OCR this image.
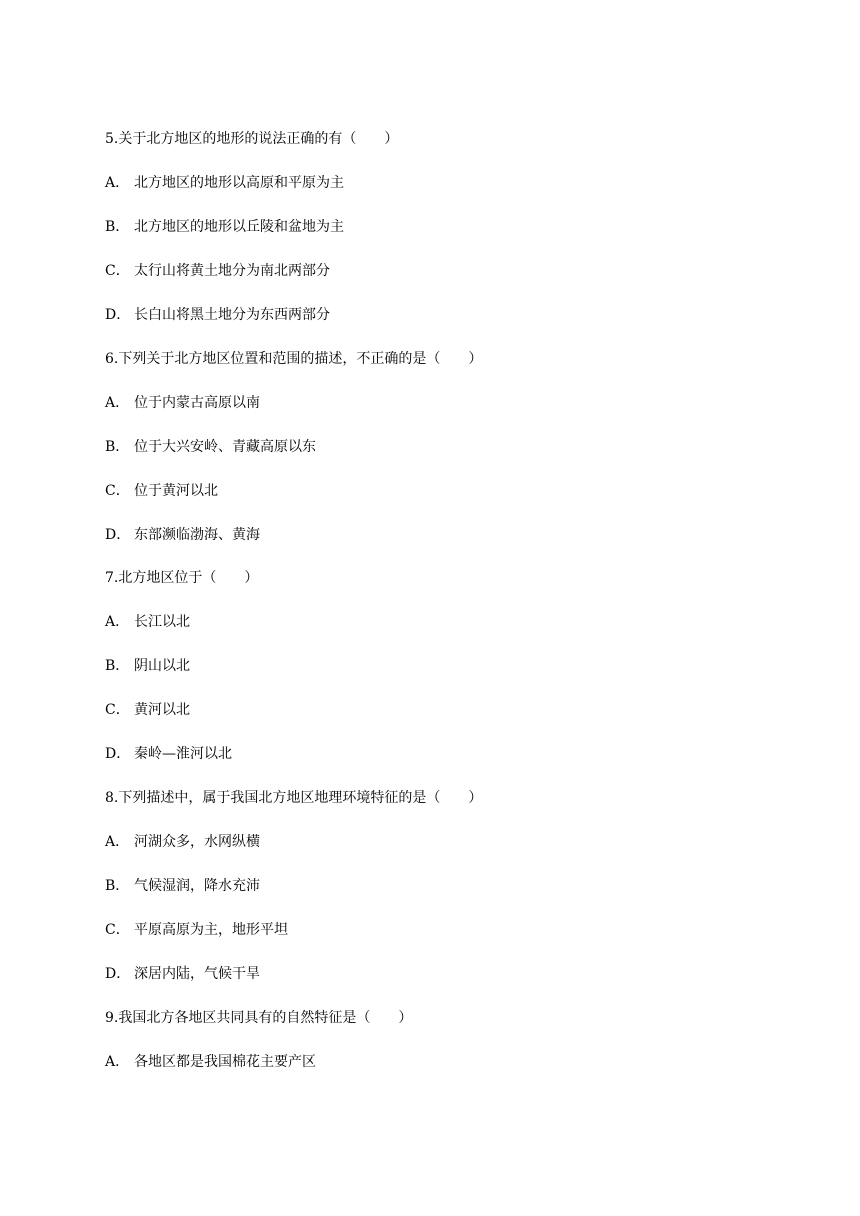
5.关于北方地区的地形的说法正确的有（　　）
A． 北方地区的地形以高原和平原为主
B． 北方地区的地形以丘陵和盆地为主
C． 太行山将黄土地分为南北两部分
D． 长白山将黑土地分为东西两部分
6.下列关于北方地区位置和范围的描述，不正确的是（　　）
A． 位于内蒙古高原以南
B． 位于大兴安岭、青藏高原以东
C． 位于黄河以北
D． 东部濒临渤海、黄海
7.北方地区位于（　　）
A． 长江以北
B． 阴山以北
C． 黄河以北
D． 秦岭—淮河以北
8.下列描述中，属于我国北方地区地理环境特征的是（　　）
A． 河湖众多，水网纵横
B． 气候湿润，降水充沛
C． 平原高原为主，地形平坦
D． 深居内陆，气候干旱
9.我国北方各地区共同具有的自然特征是（　　）
A． 各地区都是我国棉花主要产区
